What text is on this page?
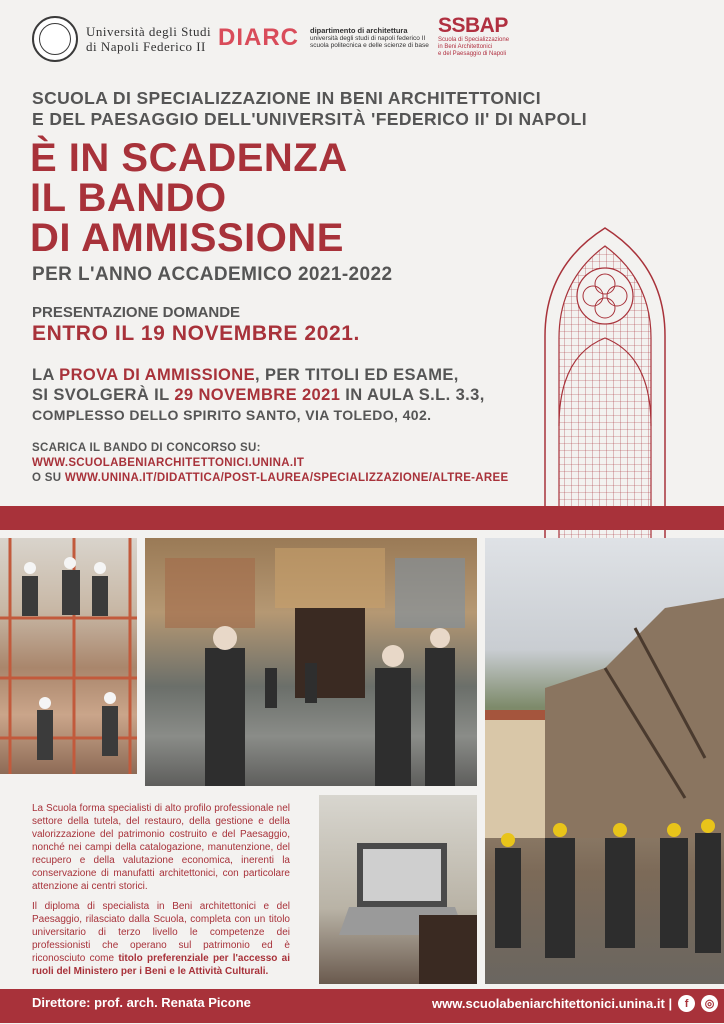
Università degli Studi
di Napoli Federico II DIARC dipartimento di architettura
università degli studi di napoli federico II
scuola politecnica e delle scienze di base
SSBAP
Scuola di Specializzazione
in Beni Architettonici
e del Paesaggio di Napoli
SCUOLA DI SPECIALIZZAZIONE IN BENI ARCHITETTONICI
E DEL PAESAGGIO DELL'UNIVERSITÀ 'FEDERICO II' DI NAPOLI
È IN SCADENZA
IL BANDO
DI AMMISSIONE
PER L'ANNO ACCADEMICO 2021-2022
PRESENTAZIONE DOMANDE
ENTRO IL 19 NOVEMBRE 2021.
LA PROVA DI AMMISSIONE, PER TITOLI ED ESAME,
SI SVOLGERÀ IL 29 NOVEMBRE 2021 IN AULA S.L. 3.3,
COMPLESSO DELLO SPIRITO SANTO, VIA TOLEDO, 402.
SCARICA IL BANDO DI CONCORSO SU:
WWW.SCUOLABENIARCHITETTONICI.UNINA.IT
O SU WWW.UNINA.IT/DIDATTICA/POST-LAUREA/SPECIALIZZAZIONE/ALTRE-AREE
La Scuola forma specialisti di alto profilo professionale nel settore della tutela, del restauro, della gestione e della valorizzazione del patrimonio costruito e del Paesaggio, nonché nei campi della catalogazione, manutenzione, del recupero e della valutazione economica, inerenti la conservazione di manufatti architettonici, con particolare attenzione ai centri storici.
Il diploma di specialista in Beni architettonici e del Paesaggio, rilasciato dalla Scuola, completa con un titolo universitario di terzo livello le competenze dei professionisti che operano sul patrimonio ed è riconosciuto come titolo preferenziale per l'accesso ai ruoli del Ministero per i Beni e le Attività Culturali.
Direttore: prof. arch. Renata Picone	www.scuolabeniarchitettonici.unina.it |	f	◎
